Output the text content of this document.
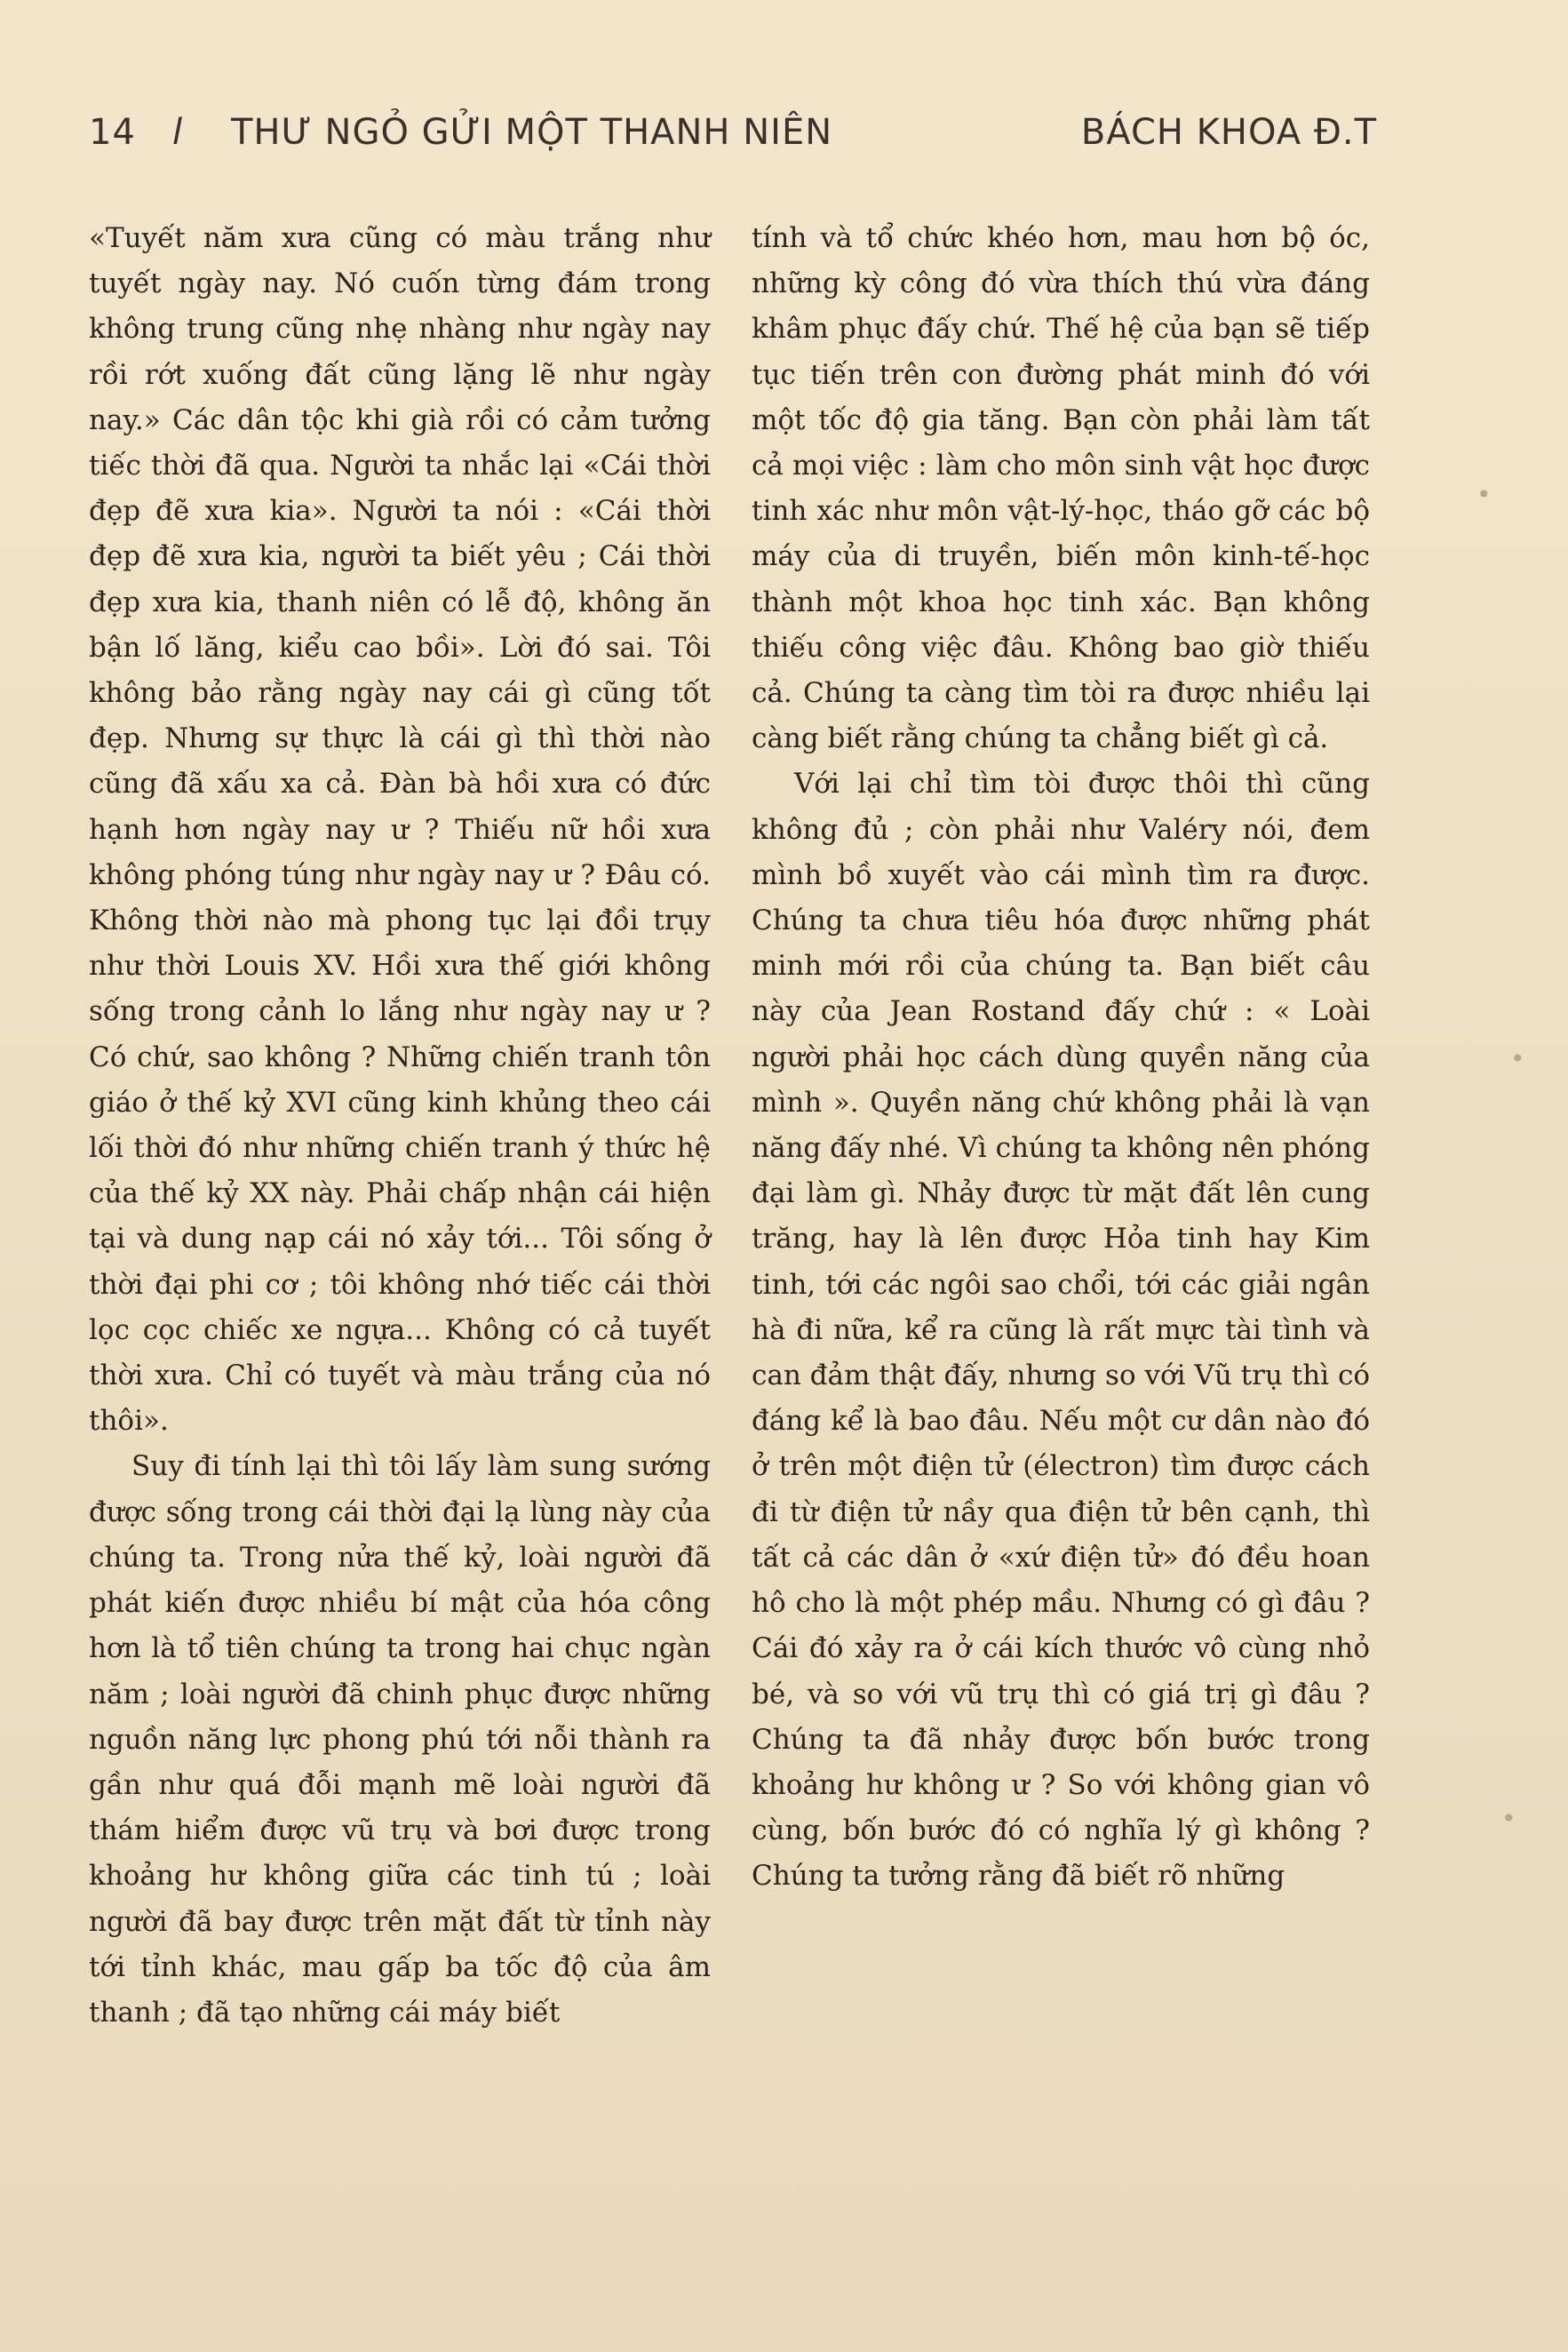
14 l THƯ NGỎ GỬI MỘT THANH NIÊN	BÁCH KHOA Đ.T

«Tuyết năm xưa cũng có màu trắng như tuyết ngày nay. Nó cuốn từng đám trong không trung cũng nhẹ nhàng như ngày nay rồi rớt xuống đất cũng lặng lẽ như ngày nay.» Các dân tộc khi già rồi có cảm tưởng tiếc thời đã qua. Người ta nhắc lại «Cái thời đẹp đẽ xưa kia». Người ta nói : «Cái thời đẹp đẽ xưa kia, người ta biết yêu ; Cái thời đẹp xưa kia, thanh niên có lễ độ, không ăn bận lố lăng, kiểu cao bồi». Lời đó sai. Tôi không bảo rằng ngày nay cái gì cũng tốt đẹp. Nhưng sự thực là cái gì thì thời nào cũng đã xấu xa cả. Đàn bà hồi xưa có đức hạnh hơn ngày nay ư ? Thiếu nữ hồi xưa không phóng túng như ngày nay ư ? Đâu có. Không thời nào mà phong tục lại đồi trụy như thời Louis XV. Hồi xưa thế giới không sống trong cảnh lo lắng như ngày nay ư ? Có chứ, sao không ? Những chiến tranh tôn giáo ở thế kỷ XVI cũng kinh khủng theo cái lối thời đó như những chiến tranh ý thức hệ của thế kỷ XX này. Phải chấp nhận cái hiện tại và dung nạp cái nó xảy tới... Tôi sống ở thời đại phi cơ ; tôi không nhớ tiếc cái thời lọc cọc chiếc xe ngựa... Không có cả tuyết thời xưa. Chỉ có tuyết và màu trắng của nó thôi».

Suy đi tính lại thì tôi lấy làm sung sướng được sống trong cái thời đại lạ lùng này của chúng ta. Trong nửa thế kỷ, loài người đã phát kiến được nhiều bí mật của hóa công hơn là tổ tiên chúng ta trong hai chục ngàn năm ; loài người đã chinh phục được những nguồn năng lực phong phú tới nỗi thành ra gần như quá đỗi mạnh mẽ loài người đã thám hiểm được vũ trụ và bơi được trong khoảng hư không giữa các tinh tú ; loài người đã bay được trên mặt đất từ tỉnh này tới tỉnh khác, mau gấp ba tốc độ của âm thanh ; đã tạo những cái máy biết

tính và tổ chức khéo hơn, mau hơn bộ óc, những kỳ công đó vừa thích thú vừa đáng khâm phục đấy chứ. Thế hệ của bạn sẽ tiếp tục tiến trên con đường phát minh đó với một tốc độ gia tăng. Bạn còn phải làm tất cả mọi việc : làm cho môn sinh vật học được tinh xác như môn vật-lý-học, tháo gỡ các bộ máy của di truyền, biến môn kinh-tế-học thành một khoa học tinh xác. Bạn không thiếu công việc đâu. Không bao giờ thiếu cả. Chúng ta càng tìm tòi ra được nhiều lại càng biết rằng chúng ta chẳng biết gì cả.

Với lại chỉ tìm tòi được thôi thì cũng không đủ ; còn phải như Valéry nói, đem mình bồ xuyết vào cái mình tìm ra được. Chúng ta chưa tiêu hóa được những phát minh mới rồi của chúng ta. Bạn biết câu này của Jean Rostand đấy chứ : « Loài người phải học cách dùng quyền năng của mình ». Quyền năng chứ không phải là vạn năng đấy nhé. Vì chúng ta không nên phóng đại làm gì. Nhảy được từ mặt đất lên cung trăng, hay là lên được Hỏa tinh hay Kim tinh, tới các ngôi sao chổi, tới các giải ngân hà đi nữa, kể ra cũng là rất mực tài tình và can đảm thật đấy, nhưng so với Vũ trụ thì có đáng kể là bao đâu. Nếu một cư dân nào đó ở trên một điện tử (électron) tìm được cách đi từ điện tử nầy qua điện tử bên cạnh, thì tất cả các dân ở «xứ điện tử» đó đều hoan hô cho là một phép mầu. Nhưng có gì đâu ? Cái đó xảy ra ở cái kích thước vô cùng nhỏ bé, và so với vũ trụ thì có giá trị gì đâu ? Chúng ta đã nhảy được bốn bước trong khoảng hư không ư ? So với không gian vô cùng, bốn bước đó có nghĩa lý gì không ? Chúng ta tưởng rằng đã biết rõ những

•
•
•
